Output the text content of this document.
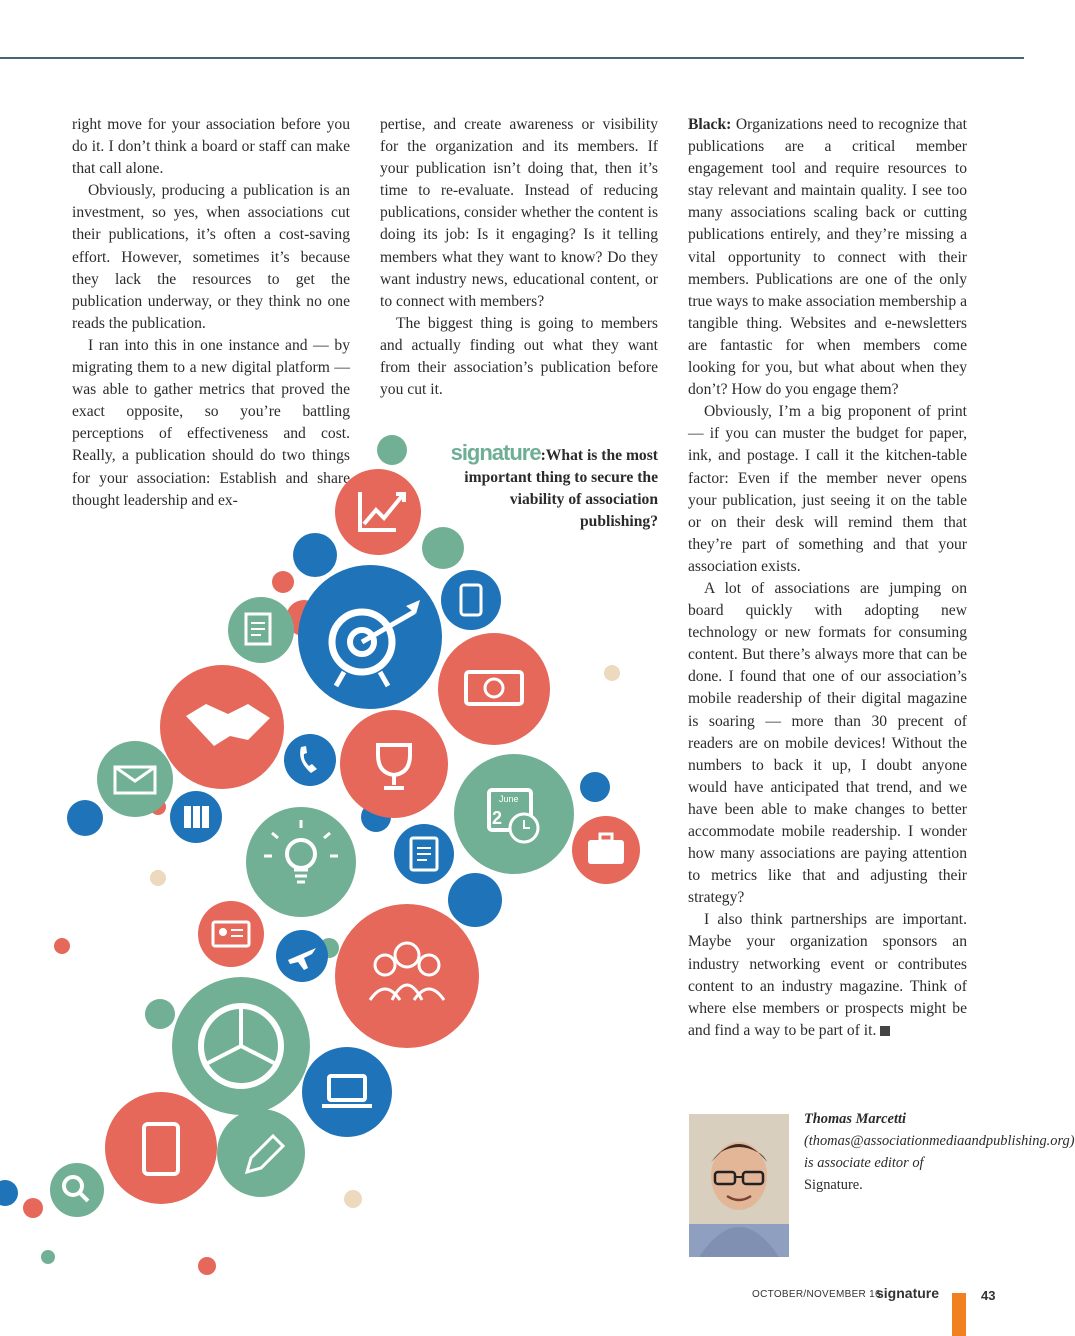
right move for your association before you do it. I don’t think a board or staff can make that call alone.

Obviously, producing a publication is an investment, so yes, when associations cut their publications, it’s often a cost-saving effort. However, sometimes it’s because they lack the resources to get the publication underway, or they think no one reads the publication.

I ran into this in one instance and — by migrating them to a new digital platform — was able to gather metrics that proved the exact opposite, so you’re battling perceptions of effectiveness and cost. Really, a publication should do two things for your association: Establish and share thought leadership and ex-

pertise, and create awareness or visibility for the organization and its members. If your publication isn’t doing that, then it’s time to re-evaluate. Instead of reducing publications, consider whether the content is doing its job: Is it engaging? Is it telling members what they want to know? Do they want industry news, educational content, or to connect with members?

The biggest thing is going to members and actually finding out what they want from their association’s publication before you cut it.

signature:What is the most important thing to secure the viability of association publishing?

Black: Organizations need to recognize that publications are a critical member engagement tool and require resources to stay relevant and maintain quality. I see too many associations scaling back or cutting publications entirely, and they’re missing a vital opportunity to connect with their members. Publications are one of the only true ways to make association membership a tangible thing. Websites and e-newsletters are fantastic for when members come looking for you, but what about when they don’t? How do you engage them?

Obviously, I’m a big proponent of print — if you can muster the budget for paper, ink, and postage. I call it the kitchen-table factor: Even if the member never opens your publication, just seeing it on the table or on their desk will remind them that they’re part of something and that your association exists.

A lot of associations are jumping on board quickly with adopting new technology or new formats for consuming content. But there’s always more that can be done. I found that one of our association’s mobile readership of their digital magazine is soaring — more than 30 precent of readers are on mobile devices! Without the numbers to back it up, I doubt anyone would have anticipated that trend, and we have been able to make changes to better accommodate mobile readership. I wonder how many associations are paying attention to metrics like that and adjusting their strategy?

I also think partnerships are important. Maybe your organization sponsors an industry networking event or contributes content to an industry magazine. Think of where else members or prospects might be and find a way to be part of it.

June
2
Thomas Marcetti
(thomas@associationmediaandpublishing.org) is associate editor of Signature.
OCTOBER/NOVEMBER 16
signature	43
